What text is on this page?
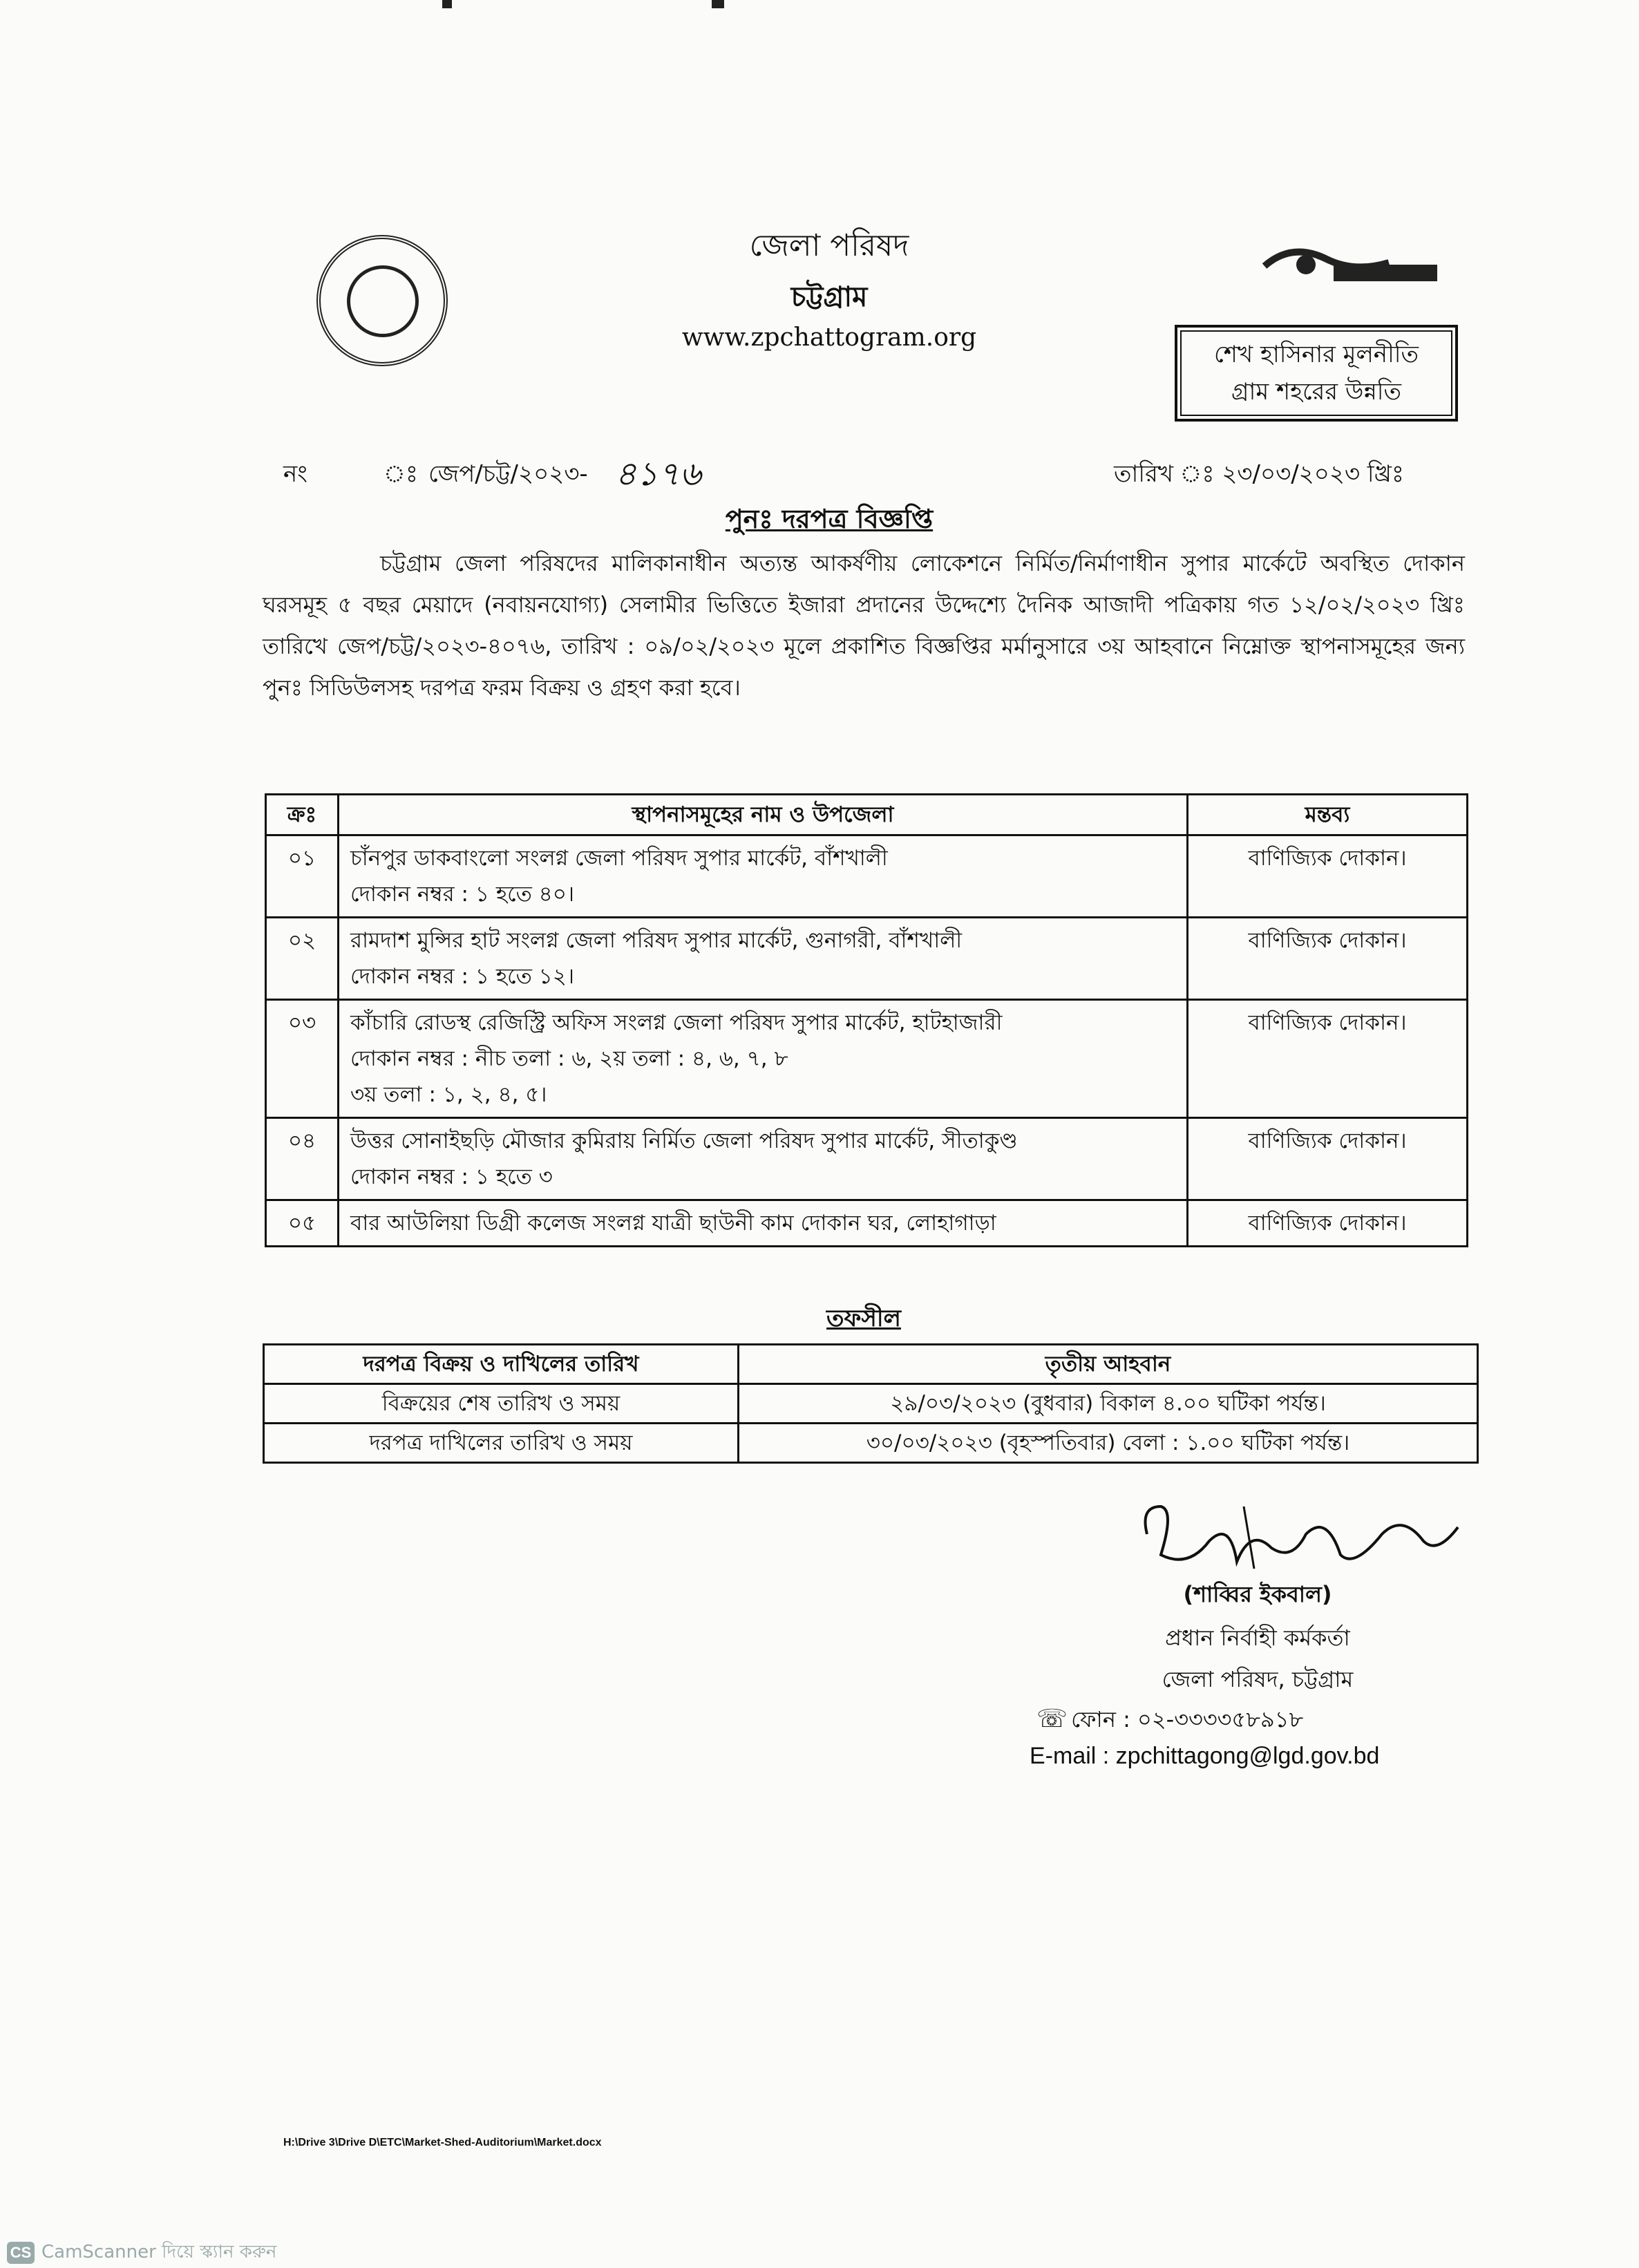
জেলা পরিষদ
চট্টগ্রাম
www.zpchattogram.org
শেখ হাসিনার মূলনীতি
গ্রাম শহরের উন্নতি
নং	ঃ জেপ/চট্ট/২০২৩- ৪১৭৬	তারিখ ঃ ২৩/০৩/২০২৩ খ্রিঃ
পুনঃ দরপত্র বিজ্ঞপ্তি
চট্টগ্রাম জেলা পরিষদের মালিকানাধীন অত্যন্ত আকর্ষণীয় লোকেশনে নির্মিত/নির্মাণাধীন সুপার মার্কেটে অবস্থিত দোকান ঘরসমূহ ৫ বছর মেয়াদে (নবায়নযোগ্য) সেলামীর ভিত্তিতে ইজারা প্রদানের উদ্দেশ্যে দৈনিক আজাদী পত্রিকায় গত ১২/০২/২০২৩ খ্রিঃ তারিখে জেপ/চট্ট/২০২৩-৪০৭৬, তারিখ : ০৯/০২/২০২৩ মূলে প্রকাশিত বিজ্ঞপ্তির মর্মানুসারে ৩য় আহবানে নিম্নোক্ত স্থাপনাসমূহের জন্য পুনঃ সিডিউলসহ দরপত্র ফরম বিক্রয় ও গ্রহণ করা হবে।
ক্রঃ	স্থাপনাসমূহের নাম ও উপজেলা	মন্তব্য
০১	চাঁনপুর ডাকবাংলো সংলগ্ন জেলা পরিষদ সুপার মার্কেট, বাঁশখালী
দোকান নম্বর : ১ হতে ৪০।	বাণিজ্যিক দোকান।
০২	রামদাশ মুন্সির হাট সংলগ্ন জেলা পরিষদ সুপার মার্কেট, গুনাগরী, বাঁশখালী
দোকান নম্বর : ১ হতে ১২।	বাণিজ্যিক দোকান।
০৩	কাঁচারি রোডস্থ রেজিস্ট্রি অফিস সংলগ্ন জেলা পরিষদ সুপার মার্কেট, হাটহাজারী
দোকান নম্বর : নীচ তলা : ৬, ২য় তলা : ৪, ৬, ৭, ৮
৩য় তলা : ১, ২, ৪, ৫।	বাণিজ্যিক দোকান।
০৪	উত্তর সোনাইছড়ি মৌজার কুমিরায় নির্মিত জেলা পরিষদ সুপার মার্কেট, সীতাকুণ্ড
দোকান নম্বর : ১ হতে ৩	বাণিজ্যিক দোকান।
০৫	বার আউলিয়া ডিগ্রী কলেজ সংলগ্ন যাত্রী ছাউনী কাম দোকান ঘর, লোহাগাড়া	বাণিজ্যিক দোকান।
তফসীল
দরপত্র বিক্রয় ও দাখিলের তারিখ	তৃতীয় আহবান
বিক্রয়ের শেষ তারিখ ও সময়	২৯/০৩/২০২৩ (বুধবার) বিকাল ৪.০০ ঘটিকা পর্যন্ত।
দরপত্র দাখিলের তারিখ ও সময়	৩০/০৩/২০২৩ (বৃহস্পতিবার) বেলা : ১.০০ ঘটিকা পর্যন্ত।
(শাব্বির ইকবাল)
প্রধান নির্বাহী কর্মকর্তা
জেলা পরিষদ, চট্টগ্রাম
☏ ফোন : ০২-৩৩৩৩৫৮৯১৮
E-mail : zpchittagong@lgd.gov.bd
H:\Drive 3\Drive D\ETC\Market-Shed-Auditorium\Market.docx
CS CamScanner দিয়ে স্ক্যান করুন
